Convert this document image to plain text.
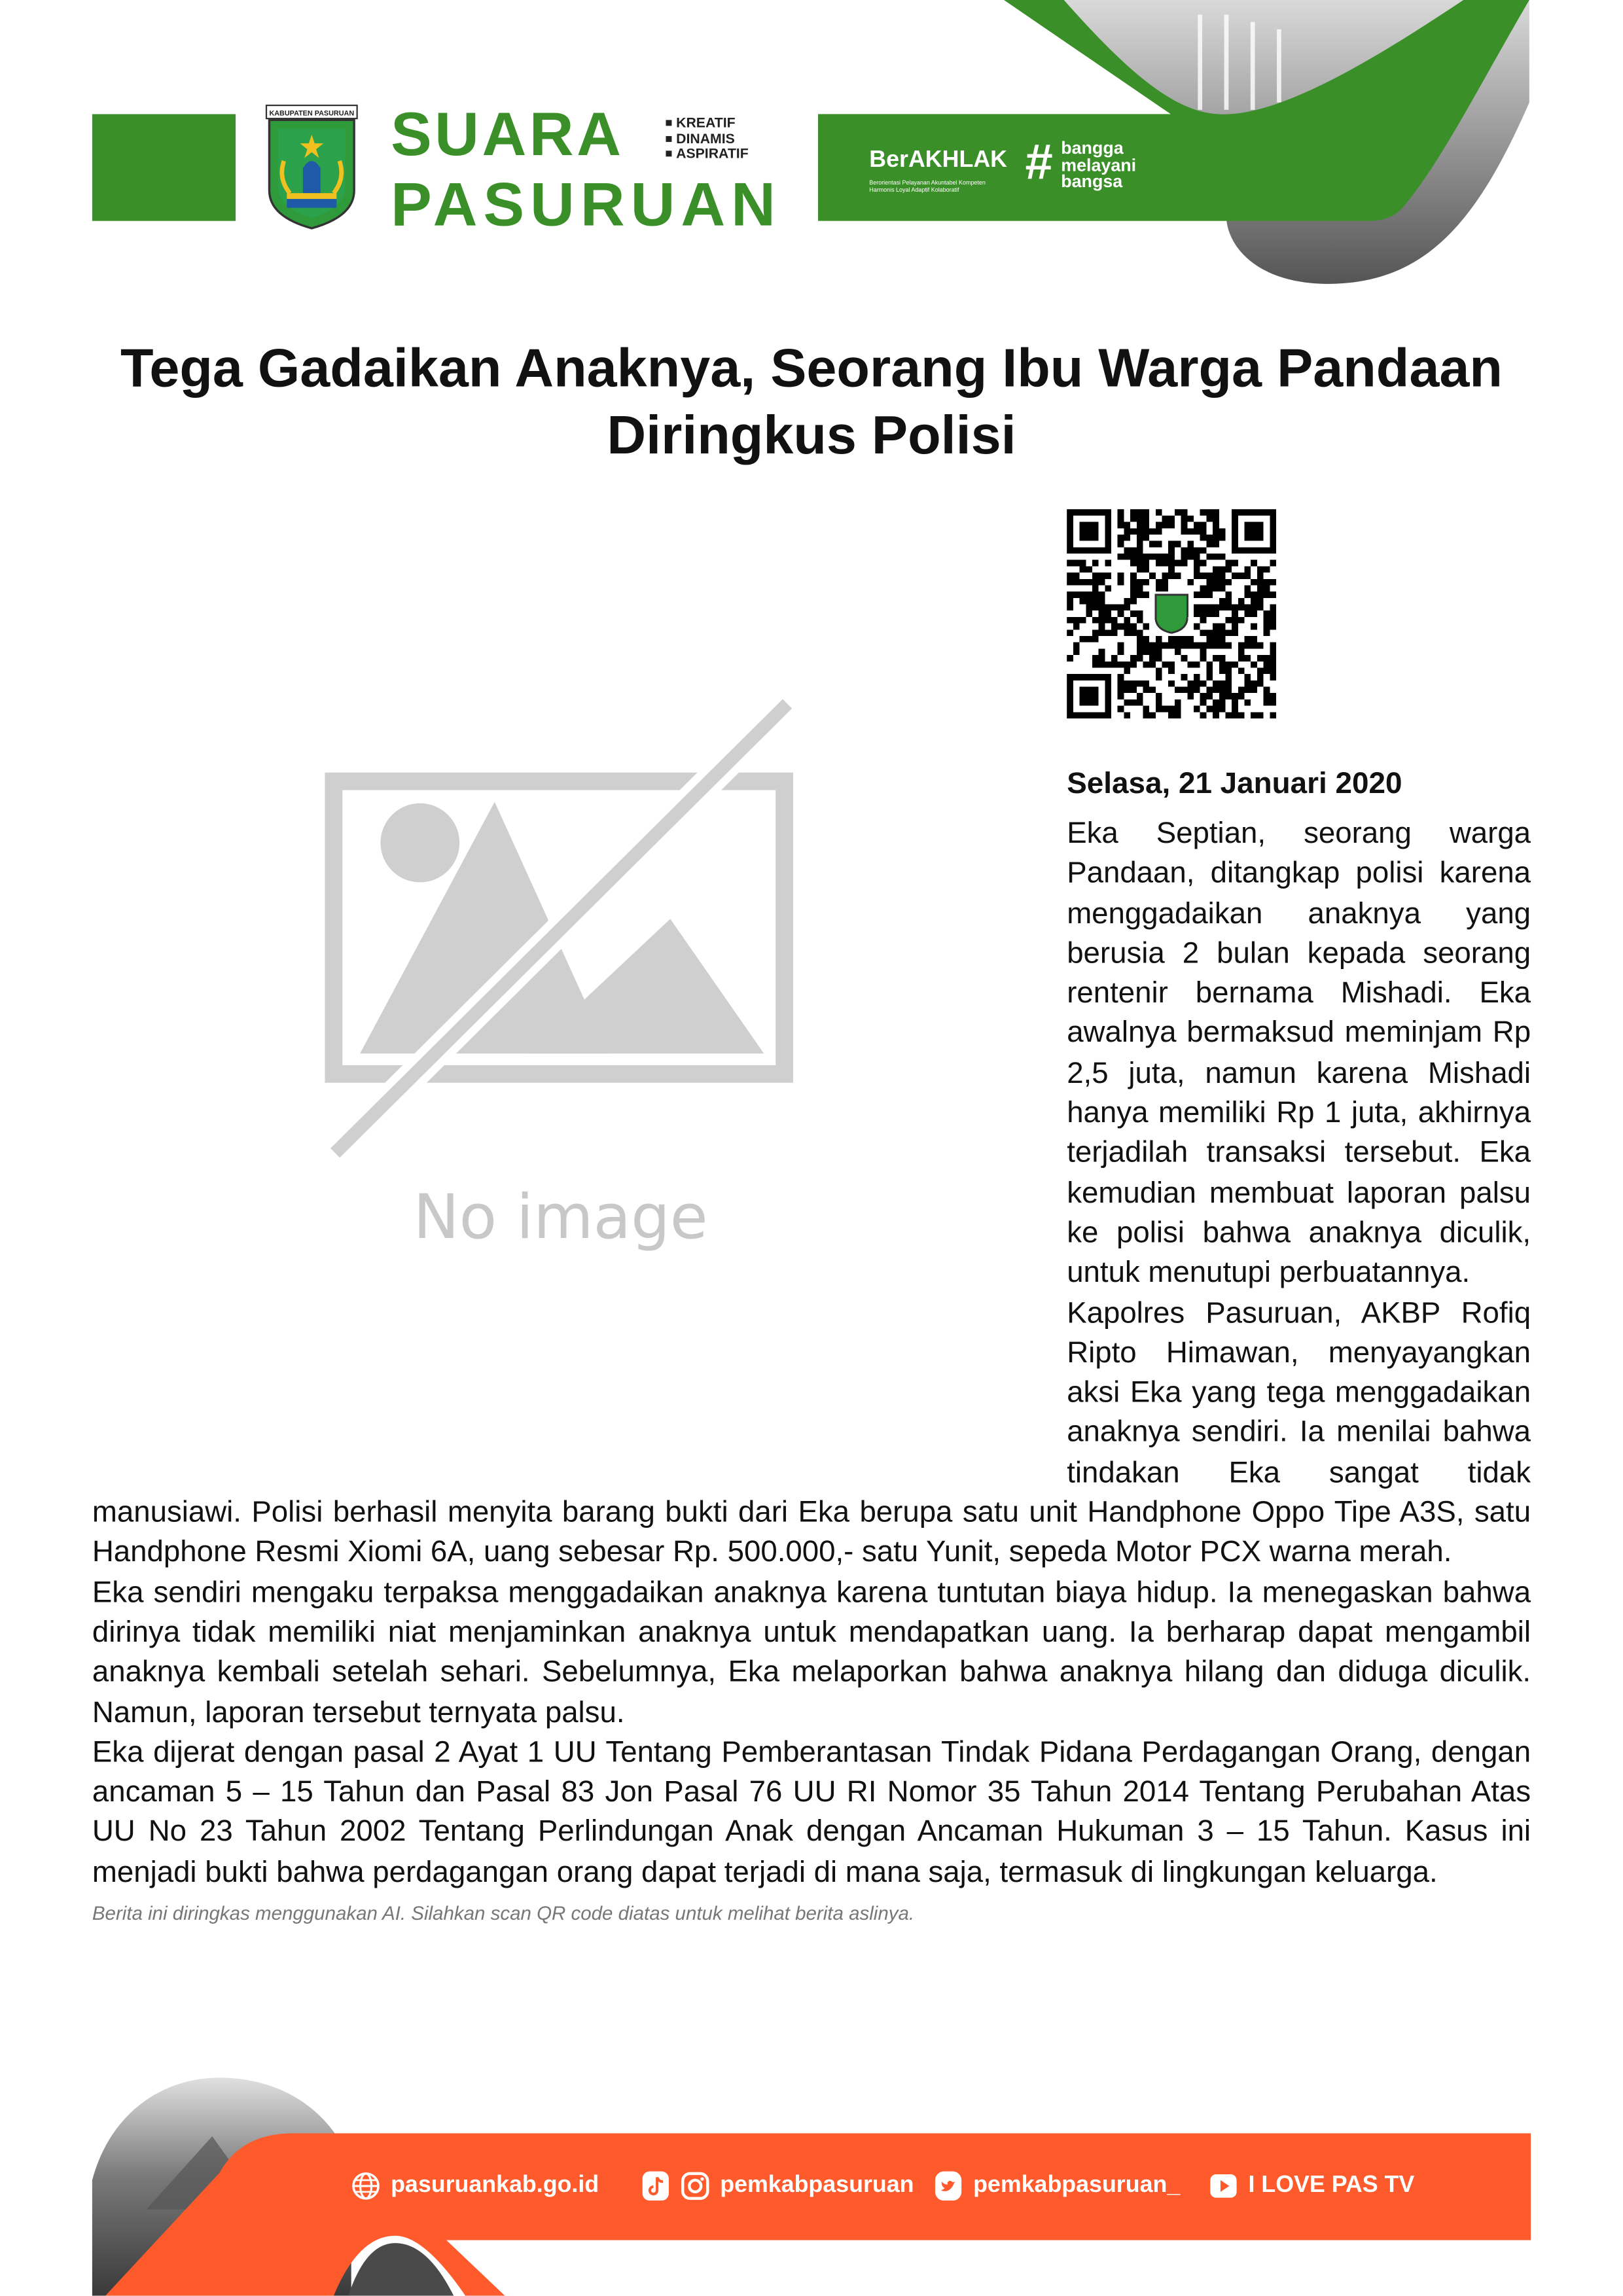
KABUPATEN PASURUAN SUARA
PASURUAN
KREATIF
DINAMIS
ASPIRATIF	BerAKHLAK
Berorientasi Pelayanan Akuntabel Kompeten Harmonis Loyal Adaptif Kolaboratif	# bangga
melayani
bangsa
Tega Gadaikan Anaknya, Seorang Ibu Warga Pandaan
Diringkus Polisi
No image
Selasa, 21 Januari 2020

Eka Septian, seorang warga Pandaan, ditangkap polisi karena menggadaikan anaknya yang berusia 2 bulan kepada seorang rentenir bernama Mishadi. Eka awalnya bermaksud meminjam Rp 2,5 juta, namun karena Mishadi hanya memiliki Rp 1 juta, akhirnya terjadilah transaksi tersebut. Eka kemudian membuat laporan palsu ke polisi bahwa anaknya diculik, untuk menutupi perbuatannya.

Kapolres Pasuruan, AKBP Rofiq Ripto Himawan, menyayangkan aksi Eka yang tega menggadaikan anaknya sendiri. Ia menilai bahwa tindakan Eka sangat tidak manusiawi. Polisi berhasil menyita barang bukti dari Eka berupa satu unit Handphone Oppo Tipe A3S, satu Handphone Resmi Xiomi 6A, uang sebesar Rp. 500.000,- satu Yunit, sepeda Motor PCX warna merah.

Eka sendiri mengaku terpaksa menggadaikan anaknya karena tuntutan biaya hidup. Ia menegaskan bahwa dirinya tidak memiliki niat menjaminkan anaknya untuk mendapatkan uang. Ia berharap dapat mengambil anaknya kembali setelah sehari. Sebelumnya, Eka melaporkan bahwa anaknya hilang dan diduga diculik. Namun, laporan tersebut ternyata palsu.

Eka dijerat dengan pasal 2 Ayat 1 UU Tentang Pemberantasan Tindak Pidana Perdagangan Orang, dengan ancaman 5 – 15 Tahun dan Pasal 83 Jon Pasal 76 UU RI Nomor 35 Tahun 2014 Tentang Perubahan Atas UU No 23 Tahun 2002 Tentang Perlindungan Anak dengan Ancaman Hukuman 3 – 15 Tahun. Kasus ini menjadi bukti bahwa perdagangan orang dapat terjadi di mana saja, termasuk di lingkungan keluarga.

Berita ini diringkas menggunakan AI. Silahkan scan QR code diatas untuk melihat berita aslinya.
pasuruankab.go.id	pemkabpasuruan	pemkabpasuruan_	I LOVE PAS TV
